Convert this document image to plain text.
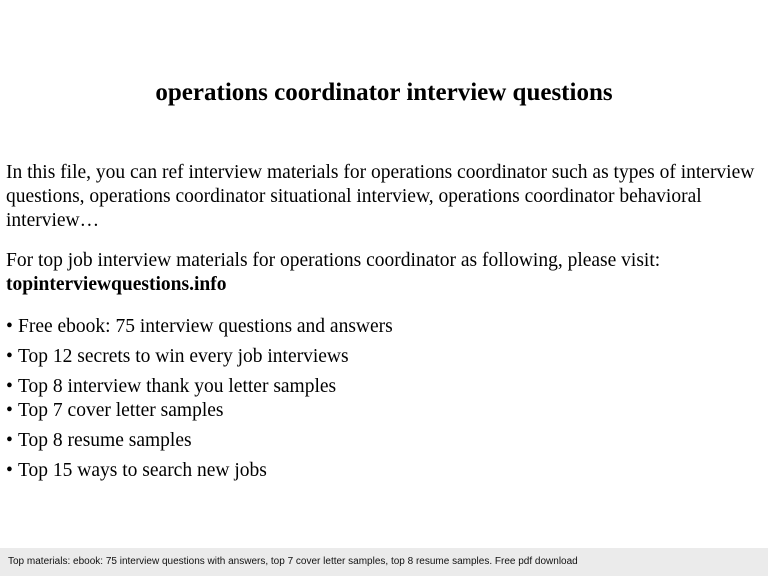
operations coordinator interview questions

In this file, you can ref interview materials for operations coordinator such as types of interview questions, operations coordinator situational interview, operations coordinator behavioral interview…

For top job interview materials for operations coordinator as following, please visit:
topinterviewquestions.info

• Free ebook: 75 interview questions and answers
• Top 12 secrets to win every job interviews
• Top 8 interview thank you letter samples
• Top 7 cover letter samples
• Top 8 resume samples
• Top 15 ways to search new jobs
Top materials: ebook: 75 interview questions with answers, top 7 cover letter samples, top 8 resume samples. Free pdf download
